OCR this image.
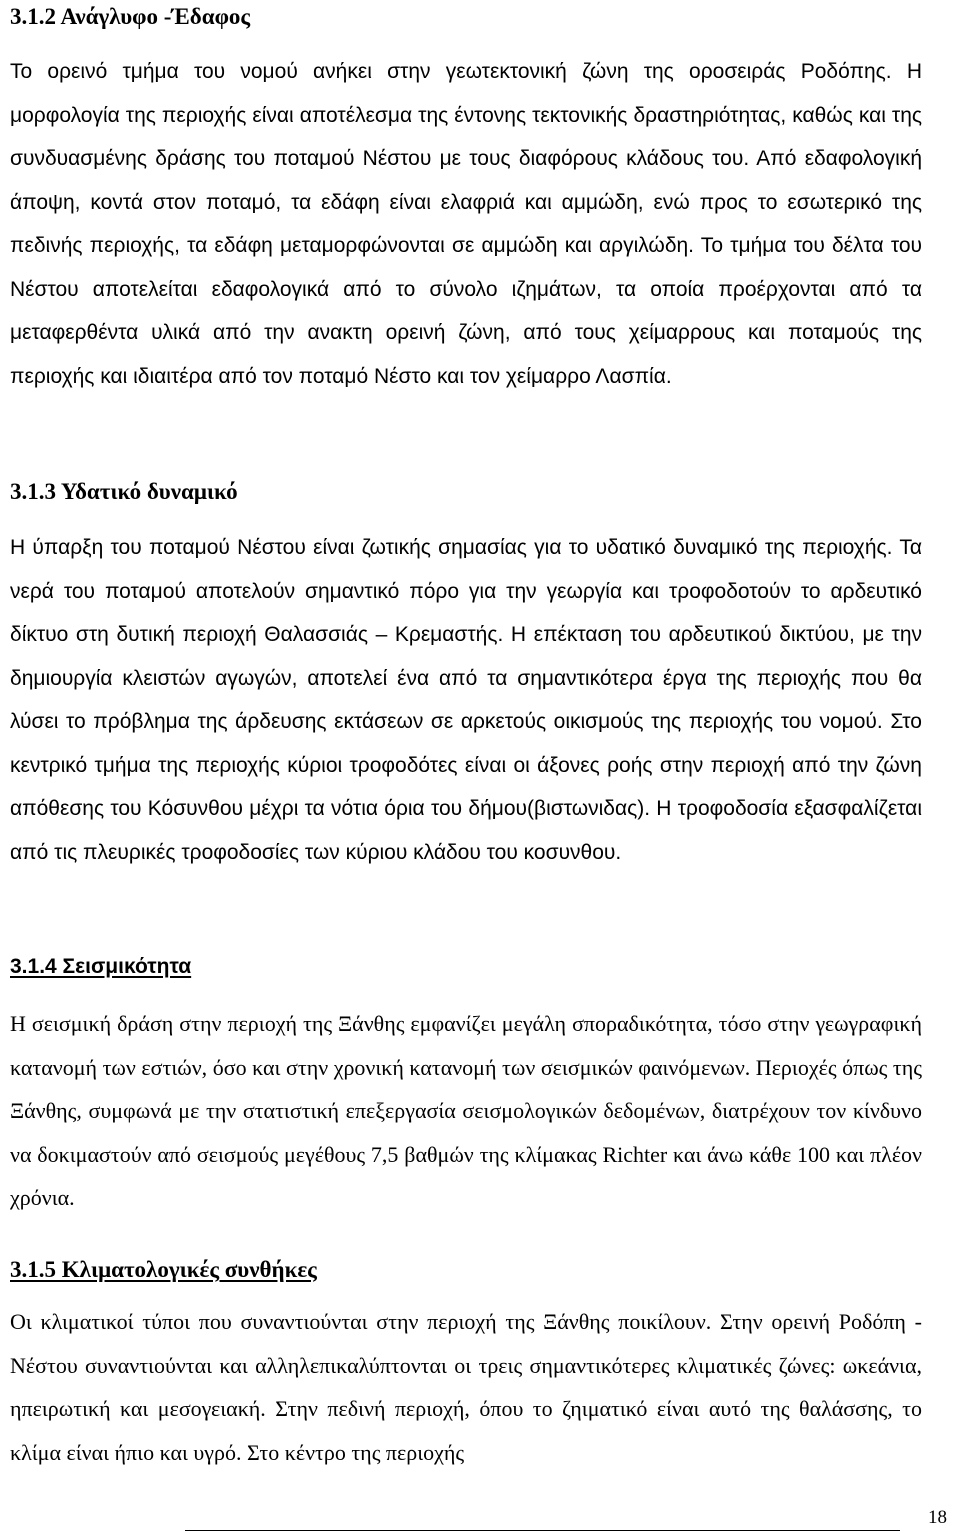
3.1.2 Ανάγλυφο -Έδαφος

Το ορεινό τμήμα του νομού ανήκει στην γεωτεκτονική ζώνη της οροσειράς Ροδόπης. Η μορφολογία της περιοχής είναι αποτέλεσμα της έντονης τεκτονικής δραστηριότητας, καθώς και της συνδυασμένης δράσης του ποταμού Νέστου με τους διαφόρους κλάδους του. Από εδαφολογική άποψη, κοντά στον ποταμό, τα εδάφη είναι ελαφριά και αμμώδη, ενώ προς το εσωτερικό της πεδινής περιοχής, τα εδάφη μεταμορφώνονται σε αμμώδη και αργιλώδη. Το τμήμα του δέλτα του Νέστου αποτελείται εδαφολογικά από το σύνολο ιζημάτων, τα οποία προέρχονται από τα μεταφερθέντα υλικά από την ανακτη ορεινή ζώνη, από τους χείμαρρους και ποταμούς της περιοχής και ιδιαιτέρα από τον ποταμό Νέστο και τον χείμαρρο Λασπία.

3.1.3 Υδατικό δυναμικό

Η ύπαρξη του ποταμού Νέστου είναι ζωτικής σημασίας για το υδατικό δυναμικό της περιοχής. Τα νερά του ποταμού αποτελούν σημαντικό πόρο για την γεωργία και τροφοδοτούν το αρδευτικό δίκτυο στη δυτική περιοχή Θαλασσιάς – Κρεμαστής. Η επέκταση του αρδευτικού δικτύου, με την δημιουργία κλειστών αγωγών, αποτελεί ένα από τα σημαντικότερα έργα της περιοχής που θα λύσει το πρόβλημα της άρδευσης εκτάσεων σε αρκετούς οικισμούς της περιοχής του νομού. Στο κεντρικό τμήμα της περιοχής κύριοι τροφοδότες είναι οι άξονες ροής στην περιοχή από την ζώνη απόθεσης του Κόσυνθου μέχρι τα νότια όρια του δήμου(βιστωνιδας). Η τροφοδοσία εξασφαλίζεται από τις πλευρικές τροφοδοσίες των κύριου κλάδου του κοσυνθου.

3.1.4 Σεισμικότητα

Η σεισμική δράση στην περιοχή της Ξάνθης εμφανίζει μεγάλη σποραδικότητα, τόσο στην γεωγραφική κατανομή των εστιών, όσο και στην χρονική κατανομή των σεισμικών φαινόμενων. Περιοχές όπως της Ξάνθης, συμφωνά με την στατιστική επεξεργασία σεισμολογικών δεδομένων, διατρέχουν τον κίνδυνο να δοκιμαστούν από σεισμούς μεγέθους 7,5 βαθμών της κλίμακας Richter και άνω κάθε 100 και πλέον χρόνια.

3.1.5 Κλιματολογικές συνθήκες

Οι κλιματικοί τύποι που συναντιούνται στην περιοχή της Ξάνθης ποικίλουν. Στην ορεινή Ροδόπη - Νέστου συναντιούνται και αλληλεπικαλύπτονται οι τρεις σημαντικότερες κλιματικές ζώνες: ωκεάνια, ηπειρωτική και μεσογειακή. Στην πεδινή περιοχή, όπου το ζηιματικό είναι αυτό της θαλάσσης, το κλίμα είναι ήπιο και υγρό. Στο κέντρο της περιοχής

18
